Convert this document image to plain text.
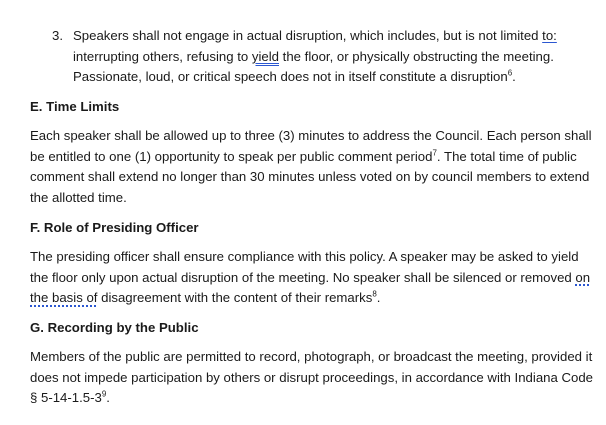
3. Speakers shall not engage in actual disruption, which includes, but is not limited to: interrupting others, refusing to yield the floor, or physically obstructing the meeting. Passionate, loud, or critical speech does not in itself constitute a disruption$^6$.
E. Time Limits
Each speaker shall be allowed up to three (3) minutes to address the Council. Each person shall be entitled to one (1) opportunity to speak per public comment period$^7$. The total time of public comment shall extend no longer than 30 minutes unless voted on by council members to extend the allotted time.
F. Role of Presiding Officer
The presiding officer shall ensure compliance with this policy. A speaker may be asked to yield the floor only upon actual disruption of the meeting. No speaker shall be silenced or removed on the basis of disagreement with the content of their remarks$^8$.
G. Recording by the Public
Members of the public are permitted to record, photograph, or broadcast the meeting, provided it does not impede participation by others or disrupt proceedings, in accordance with Indiana Code § $5-14-1.5-3^9$.
